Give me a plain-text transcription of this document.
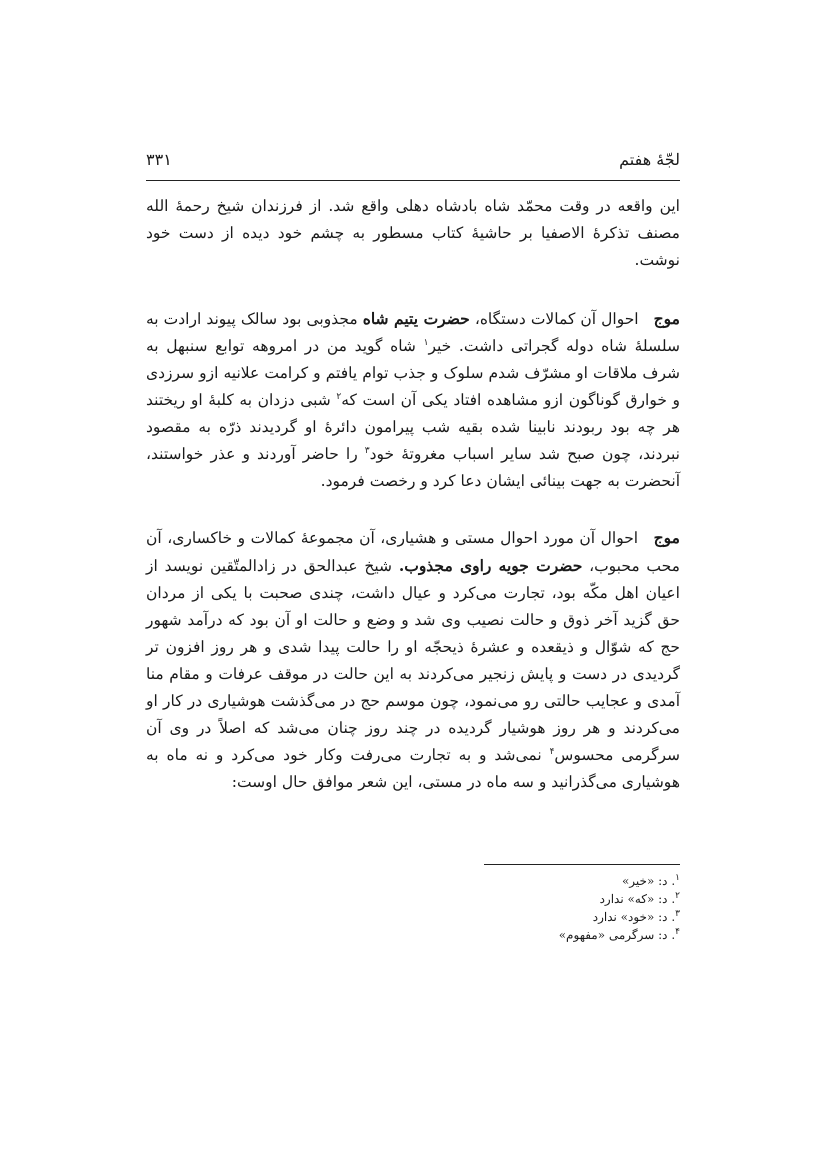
لجّهٔ هفتم
۳۳۱

این واقعه در وقت محمّد شاه بادشاه دهلی واقع شد. از فرزندان شیخ رحمهٔ الله مصنف تذکرهٔ الاصفیا بر حاشیهٔ کتاب مسطور به چشم خود دیده از دست خود نوشت.

موج احوال آن کمالات دستگاه، حضرت یتیم شاه مجذوبی بود سالک پیوند ارادت به سلسلهٔ شاه دوله گجراتی داشت. خیر$^۱$ شاه گوید من در امروهه توابع سنبهل به شرف ملاقات او مشرّف شدم سلوک و جذب توام یافتم و کرامت علانیه ازو سرزدی و خوارق گوناگون ازو مشاهده افتاد یکی آن است که$^۲$ شبی دزدان به کلبهٔ او ریختند هر چه بود ربودند نابینا شده بقیه شب پیرامون دائرهٔ او گردیدند ذرّه به مقصود نبردند، چون صبح شد سایر اسباب مغروتهٔ خود$^۳$ را حاضر آوردند و عذر خواستند، آنحضرت به جهت بینائی ایشان دعا کرد و رخصت فرمود.

موج احوال آن مورد احوال مستی و هشیاری، آن مجموعهٔ کمالات و خاکساری، آن محب محبوب، حضرت جویه راوی مجذوب. شیخ عبدالحق در زادالمتّقین نویسد از اعیان اهل مکّه بود، تجارت می‌کرد و عیال داشت، چندی صحبت با یکی از مردان حق گزید آخر ذوق و حالت نصیب وی شد و وضع و حالت او آن بود که درآمد شهور حج که شوّال و ذیقعده و عشرهٔ ذیحجّه او را حالت پیدا شدی و هر روز افزون تر گردیدی در دست و پایش زنجیر می‌کردند به این حالت در موقف عرفات و مقام منا آمدی و عجایب حالتی رو می‌نمود، چون موسم حج در می‌گذشت هوشیاری در کار او می‌کردند و هر روز هوشیار گردیده در چند روز چنان می‌شد که اصلاً در وی آن سرگرمی محسوس$^۴$ نمی‌شد و به تجارت می‌رفت وکار خود می‌کرد و نه ماه به هوشیاری می‌گذرانید و سه ماه در مستی، این شعر موافق حال اوست:

$^۱$. د: «خیر»

$^۲$. د: «که» ندارد

$^۳$. د: «خود» ندارد

$^۴$. د: سرگرمی «مفهوم»
